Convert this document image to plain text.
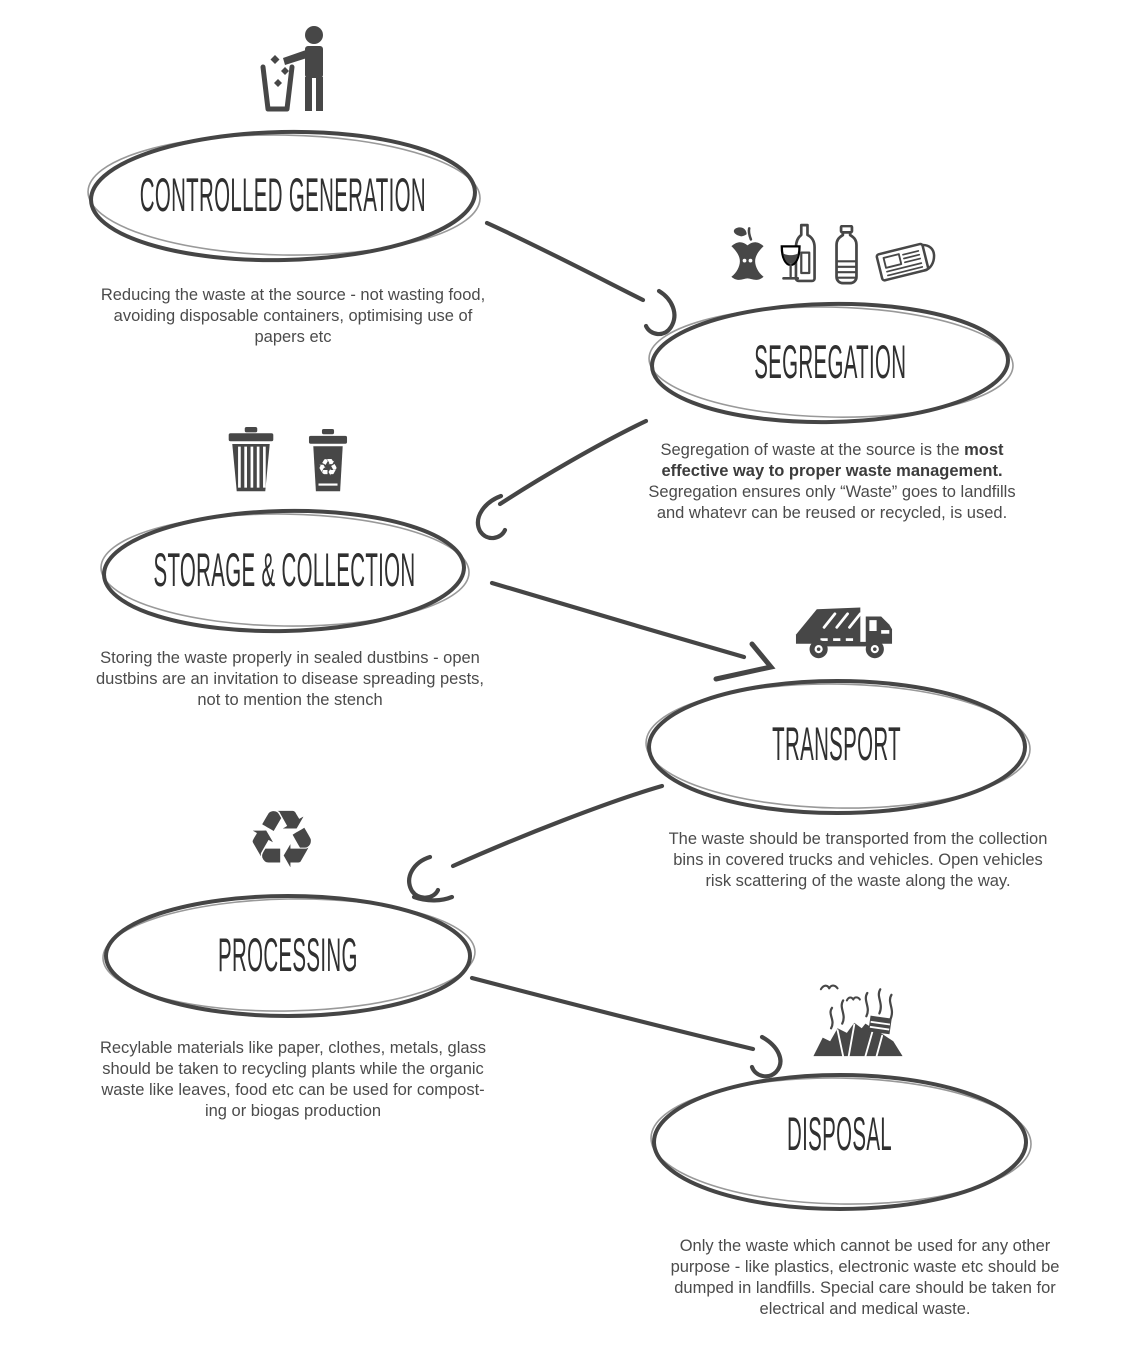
CONTROLLED GENERATION
Reducing the waste at the source - not wasting food,
avoiding disposable containers, optimising use of
papers etc	SEGREGATION
Segregation of waste at the source is the most
effective way to proper waste management.
Segregation ensures only “Waste” goes to landfills
and whatevr can be reused or recycled, is used.
♻
STORAGE & COLLECTION
Storing the waste properly in sealed dustbins - open
dustbins are an invitation to disease spreading pests,
not to mention the stench
TRANSPORT
The waste should be transported from the collection
bins in covered trucks and vehicles. Open vehicles
risk scattering of the waste along the way.
♻
PROCESSING
Recylable materials like paper, clothes, metals, glass
should be taken to recycling plants while the organic
waste like leaves, food etc can be used for compost-
ing or biogas production	DISPOSAL
Only the waste which cannot be used for any other
purpose - like plastics, electronic waste etc should be
dumped in landfills. Special care should be taken for
electrical and medical waste.
